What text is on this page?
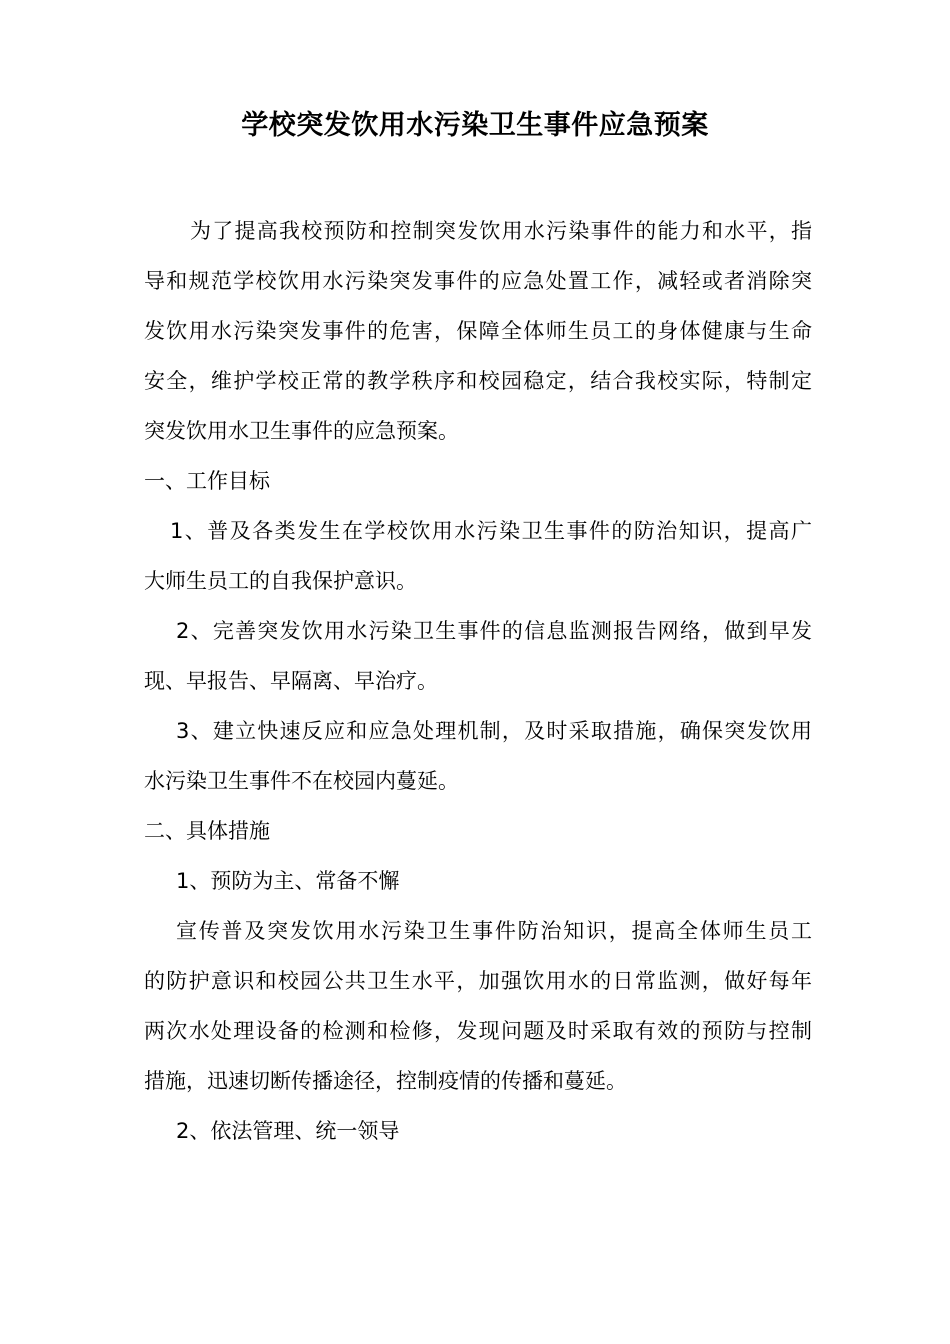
学校突发饮用水污染卫生事件应急预案
为了提高我校预防和控制突发饮用水污染事件的能力和水平，指
导和规范学校饮用水污染突发事件的应急处置工作，减轻或者消除突
发饮用水污染突发事件的危害，保障全体师生员工的身体健康与生命
安全，维护学校正常的教学秩序和校园稳定，结合我校实际，特制定
突发饮用水卫生事件的应急预案。
一、工作目标
1、普及各类发生在学校饮用水污染卫生事件的防治知识，提高广
大师生员工的自我保护意识。
2、完善突发饮用水污染卫生事件的信息监测报告网络，做到早发
现、早报告、早隔离、早治疗。
3、建立快速反应和应急处理机制，及时采取措施，确保突发饮用
水污染卫生事件不在校园内蔓延。
二、具体措施
1、预防为主、常备不懈
宣传普及突发饮用水污染卫生事件防治知识，提高全体师生员工
的防护意识和校园公共卫生水平，加强饮用水的日常监测，做好每年
两次水处理设备的检测和检修，发现问题及时采取有效的预防与控制
措施，迅速切断传播途径，控制疫情的传播和蔓延。
2、依法管理、统一领导
